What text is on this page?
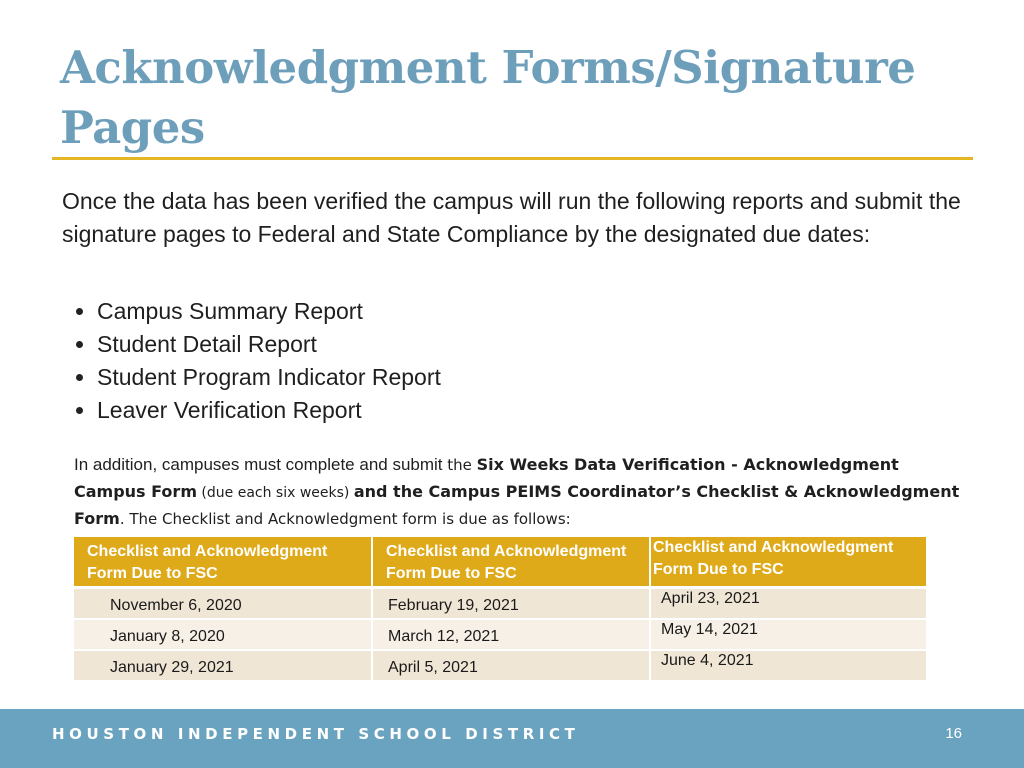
Acknowledgment Forms/Signature Pages

Once the data has been verified the campus will run the following reports and submit the signature pages to Federal and State Compliance by the designated due dates:

Campus Summary Report
Student Detail Report
Student Program Indicator Report
Leaver Verification Report

In addition, campuses must complete and submit the Six Weeks Data Verification - Acknowledgment Campus Form (due each six weeks) and the Campus PEIMS Coordinator’s Checklist & Acknowledgment Form. The Checklist and Acknowledgment form is due as follows:

Checklist and Acknowledgment Form Due to FSC	Checklist and Acknowledgment Form Due to FSC	Checklist and Acknowledgment Form Due to FSC
November 6, 2020	February 19, 2021	April 23, 2021
January 8, 2020	March 12, 2021	May 14, 2021
January 29, 2021	April 5, 2021	June 4, 2021
HOUSTON INDEPENDENT SCHOOL DISTRICT	16
